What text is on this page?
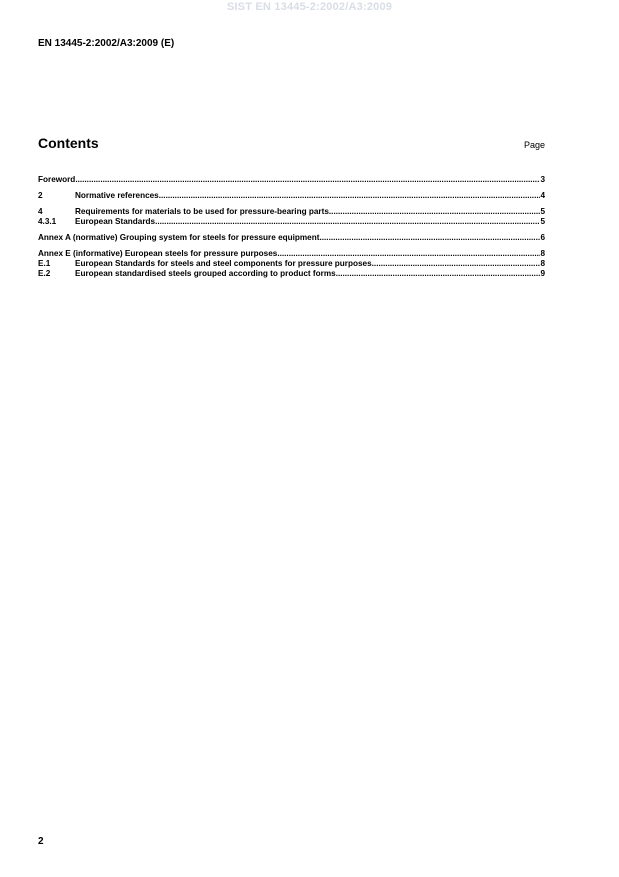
SIST EN 13445-2:2002/A3:2009
EN 13445-2:2002/A3:2009 (E)
Contents	Page
Foreword .....	3
2	Normative references .....	4
4	Requirements for materials to be used for pressure-bearing parts .....	5
4.3.1	European Standards .....	5
Annex A (normative) Grouping system for steels for pressure equipment .....	6
Annex E (informative) European steels for pressure purposes .....	8
E.1	European Standards for steels and steel components for pressure purposes .....	8
E.2	European standardised steels grouped according to product forms .....	9
2
